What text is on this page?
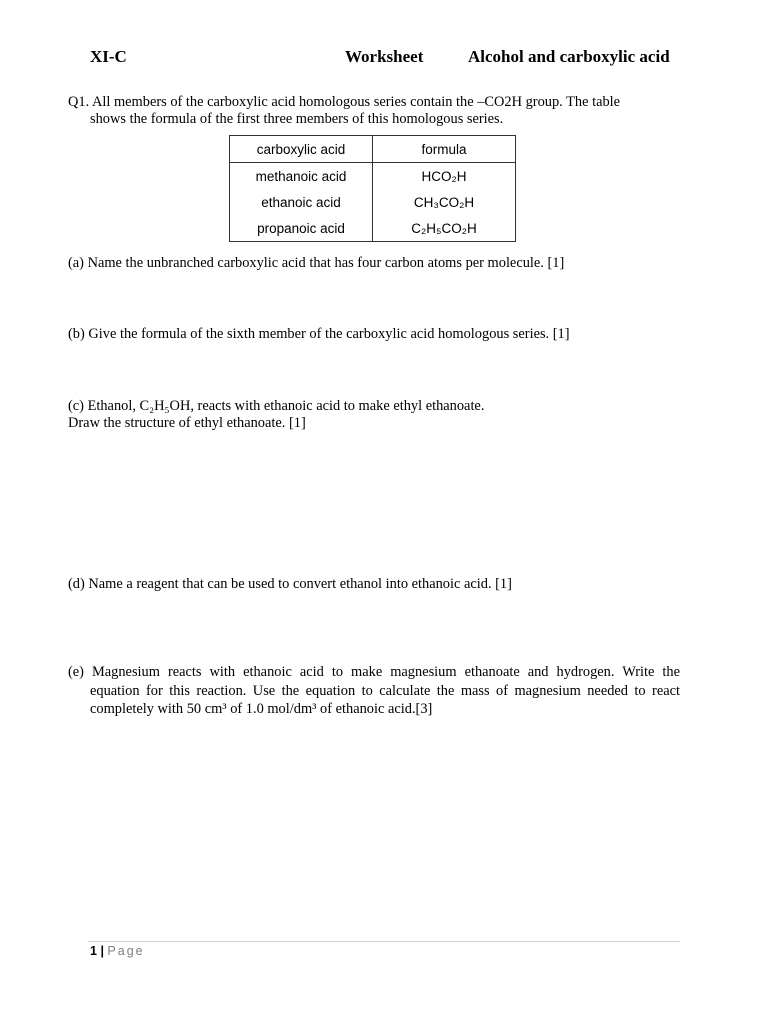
XI-C	Worksheet	Alcohol and carboxylic acid
Q1. All members of the carboxylic acid homologous series contain the –CO2H group. The table
shows the formula of the first three members of this homologous series.
carboxylic acid	formula
methanoic acid	HCO₂H
ethanoic acid	CH₃CO₂H
propanoic acid	C₂H₅CO₂H
(a) Name the unbranched carboxylic acid that has four carbon atoms per molecule. [1]
(b) Give the formula of the sixth member of the carboxylic acid homologous series. [1]
(c) Ethanol, C₂H₅OH, reacts with ethanoic acid to make ethyl ethanoate.
Draw the structure of ethyl ethanoate. [1]
(d) Name a reagent that can be used to convert ethanol into ethanoic acid. [1]
(e) Magnesium reacts with ethanoic acid to make magnesium ethanoate and hydrogen. Write the
equation for this reaction. Use the equation to calculate the mass of magnesium needed to react
completely with 50 cm³ of 1.0 mol/dm³ of ethanoic acid.[3]
1 | Page
